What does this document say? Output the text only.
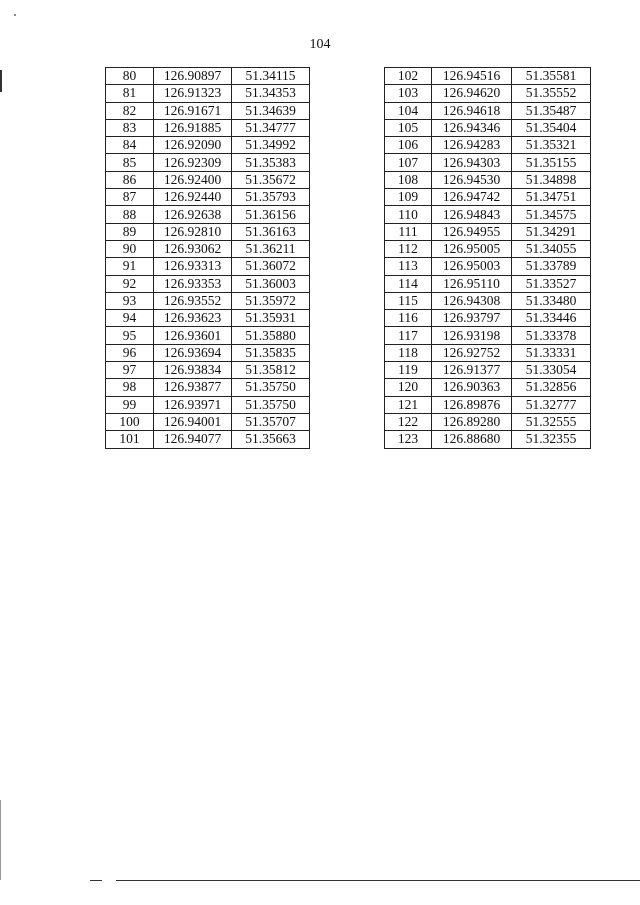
104
80	126.90897	51.34115
81	126.91323	51.34353
82	126.91671	51.34639
83	126.91885	51.34777
84	126.92090	51.34992
85	126.92309	51.35383
86	126.92400	51.35672
87	126.92440	51.35793
88	126.92638	51.36156
89	126.92810	51.36163
90	126.93062	51.36211
91	126.93313	51.36072
92	126.93353	51.36003
93	126.93552	51.35972
94	126.93623	51.35931
95	126.93601	51.35880
96	126.93694	51.35835
97	126.93834	51.35812
98	126.93877	51.35750
99	126.93971	51.35750
100	126.94001	51.35707
101	126.94077	51.35663
102	126.94516	51.35581
103	126.94620	51.35552
104	126.94618	51.35487
105	126.94346	51.35404
106	126.94283	51.35321
107	126.94303	51.35155
108	126.94530	51.34898
109	126.94742	51.34751
110	126.94843	51.34575
111	126.94955	51.34291
112	126.95005	51.34055
113	126.95003	51.33789
114	126.95110	51.33527
115	126.94308	51.33480
116	126.93797	51.33446
117	126.93198	51.33378
118	126.92752	51.33331
119	126.91377	51.33054
120	126.90363	51.32856
121	126.89876	51.32777
122	126.89280	51.32555
123	126.88680	51.32355
